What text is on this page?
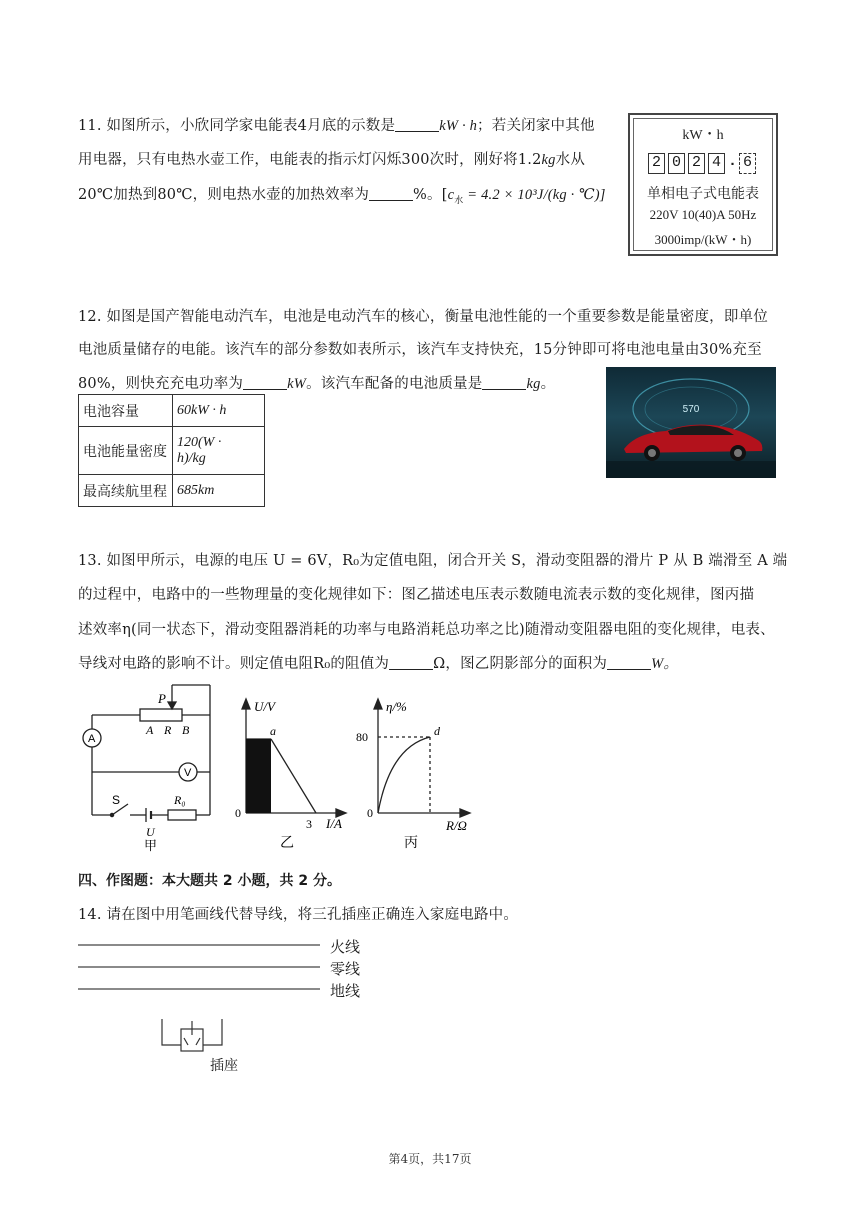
11. 如图所示，小欣同学家电能表4月底的示数是	kW · h；若关闭家中其他
用电器，只有电热水壶工作，电能表的指示灯闪烁300次时，刚好将1.2kg水从
20℃加热到80℃，则电热水壶的加热效率为	%。[$c_水 = 4.2 \times 10^3J/(kg$ · ℃)]
kW・h
2 0 2 4 . 6
单相电子式电能表
220V 10(40)A 50Hz
3000imp/(kW・h)
12. 如图是国产智能电动汽车，电池是电动汽车的核心，衡量电池性能的一个重要参数是能量密度，即单位
电池质量储存的电能。该汽车的部分参数如表所示，该汽车支持快充，15分钟即可将电池电量由30%充至
80%，则快充充电功率为	kW。该汽车配备的电池质量是	kg。
电池容量	60kW · h
电池能量密度	120(W · h)/kg
最高续航里程	685km
570
13. 如图甲所示，电源的电压 U = 6V，R₀为定值电阻，闭合开关 S，滑动变阻器的滑片 P 从 B 端滑至 A 端
的过程中，电路中的一些物理量的变化规律如下：图乙描述电压表示数随电流表示数的变化规律，图丙描
述效率η(同一状态下，滑动变阻器消耗的功率与电路消耗总功率之比)随滑动变阻器电阻的变化规律，电表、
导线对电路的影响不计。则定值电阻R₀的阻值为	Ω，图乙阴影部分的面积为	W。
P
A R B
A
V
S	R₀
U
甲
U/V
a
0
3 I/A
乙
η/%
80	d
0
R/Ω
丙
四、作图题：本大题共 2 小题，共 2 分。
14. 请在图中用笔画线代替导线，将三孔插座正确连入家庭电路中。
火线
零线
地线
插座
第4页，共17页
